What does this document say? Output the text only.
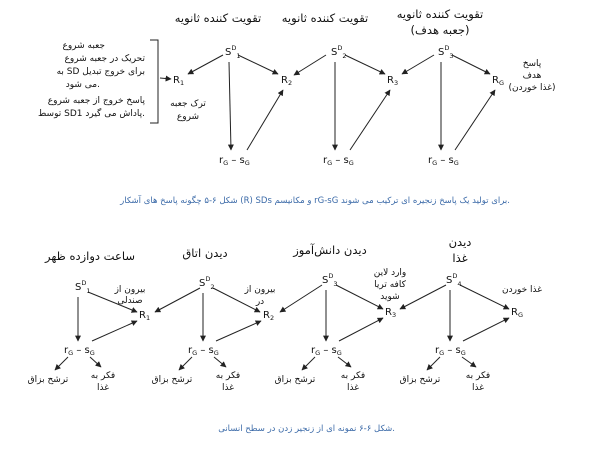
تقویت کننده ثانویه تقویت کننده ثانویه تقویت کننده ثانویه
(جعبه هدف)
جعبه شروع
تحریک در جعبه شروع
به SD برای خروج تبدیل
می شود.
پاسخ خروج از جعبه شروع
توسط SD1 پاداش می گیرد.
ترک جعبه
شروع
پاسخ
هدف
(غذا خوردن)
$S^D_1$	$S^D_2$	$S^D_3$
$R_1$	$R_2$	$R_3$	$R_G$
$r_G - s_G$	$r_G - s_G$	$r_G - s_G$
شکل ۶-۵ چگونه پاسخ های آشکار (R) SDs و مکانیسم rG-sG برای تولید یک پاسخ زنجیره ای ترکیب می شوند.
ساعت دوازده ظهر	دیدن اتاق	دیدن دانش‌آموز
دیدن
غذا
بیرون از
صندلی
بیرون از
در
وارد لاین
کافه تریا
شوید
غذا خوردن
$S^D_1$
$S^D_2$
$S^D_3$	$S^D_4$
$R_1$	$R_2$	$R_3$	$R_G$
$r_G - s_G$	$r_G - s_G$	$r_G - s_G$	$r_G - s_G$
ترشح بزاق فکر به
غذا
ترشح بزاق	فکر به
غذا
ترشح بزاق	فکر به
غذا
ترشح بزاق	فکر به
غذا
شکل ۶-۶ نمونه ای از زنجیر زدن در سطح انسانی.
